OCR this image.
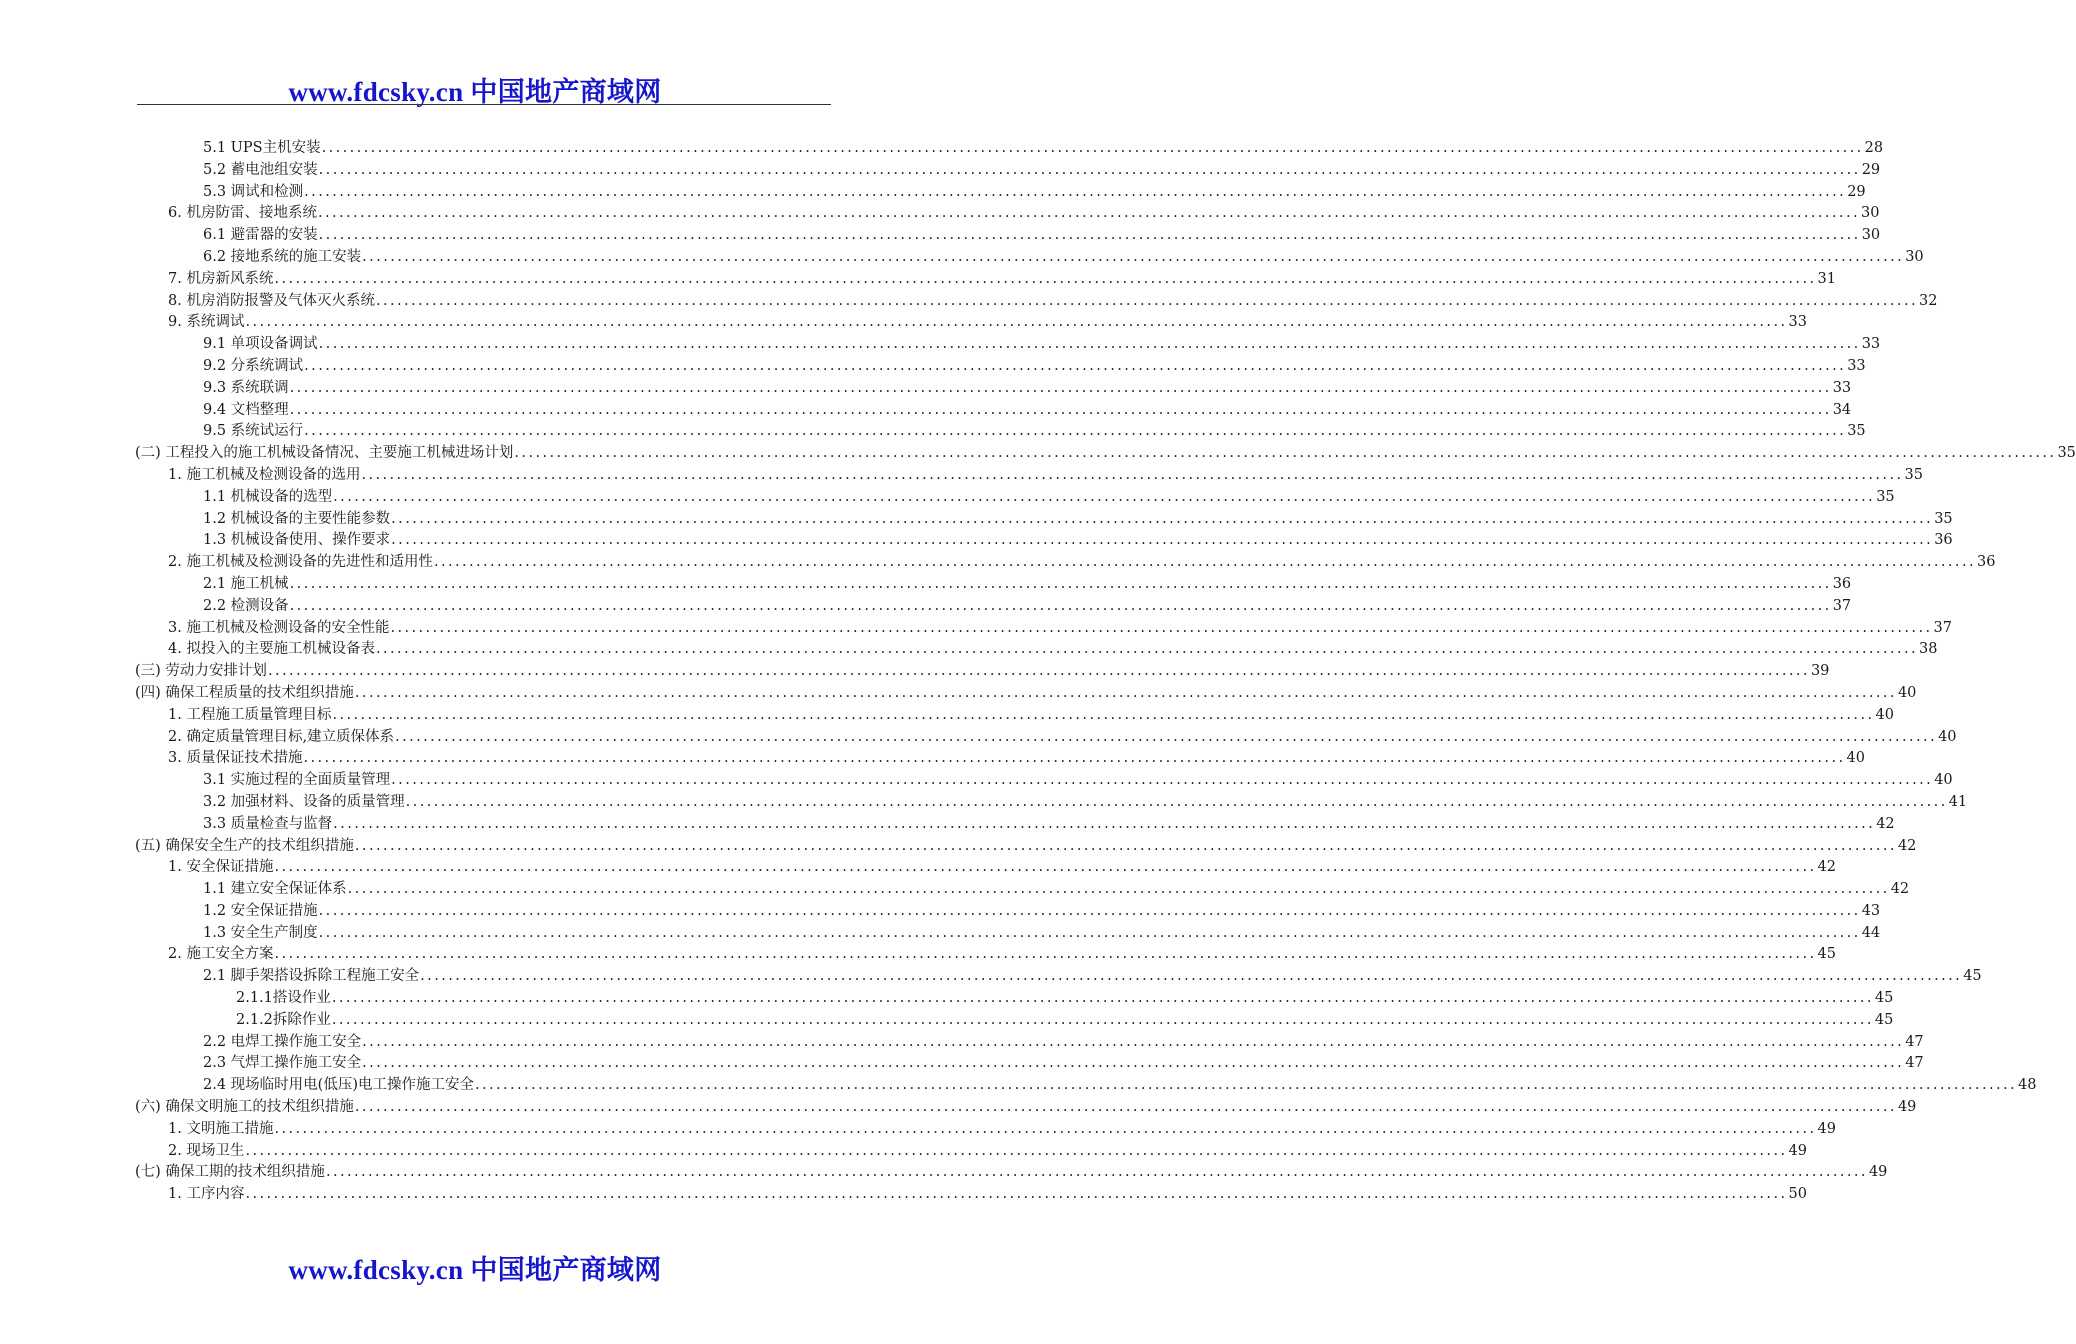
www.fdcsky.cn 中国地产商域网
5.1 UPS主机安装 ............................................................................................................................................................................................................................ 28
5.2 蓄电池组安装 ............................................................................................................................................................................................................................ 29
5.3 调试和检测 ............................................................................................................................................................................................................................ 29
6. 机房防雷、接地系统 ............................................................................................................................................................................................................................ 30
6.1 避雷器的安装 ............................................................................................................................................................................................................................ 30
6.2 接地系统的施工安装 ............................................................................................................................................................................................................................ 30
7. 机房新风系统 ............................................................................................................................................................................................................................ 31
8. 机房消防报警及气体灭火系统 ............................................................................................................................................................................................................................ 32
9. 系统调试 ............................................................................................................................................................................................................................ 33
9.1 单项设备调试 ............................................................................................................................................................................................................................ 33
9.2 分系统调试 ............................................................................................................................................................................................................................ 33
9.3 系统联调 ............................................................................................................................................................................................................................ 33
9.4 文档整理 ............................................................................................................................................................................................................................ 34
9.5 系统试运行 ............................................................................................................................................................................................................................ 35
(二) 工程投入的施工机械设备情况、主要施工机械进场计划 ............................................................................................................................................................................................................................ 35
1. 施工机械及检测设备的选用 ............................................................................................................................................................................................................................ 35
1.1 机械设备的选型 ............................................................................................................................................................................................................................ 35
1.2 机械设备的主要性能参数 ............................................................................................................................................................................................................................ 35
1.3 机械设备使用、操作要求 ............................................................................................................................................................................................................................ 36
2. 施工机械及检测设备的先进性和适用性 ............................................................................................................................................................................................................................ 36
2.1 施工机械 ............................................................................................................................................................................................................................ 36
2.2 检测设备 ............................................................................................................................................................................................................................ 37
3. 施工机械及检测设备的安全性能 ............................................................................................................................................................................................................................ 37
4. 拟投入的主要施工机械设备表 ............................................................................................................................................................................................................................ 38
(三) 劳动力安排计划 ............................................................................................................................................................................................................................ 39
(四) 确保工程质量的技术组织措施 ............................................................................................................................................................................................................................ 40
1. 工程施工质量管理目标 ............................................................................................................................................................................................................................ 40
2. 确定质量管理目标,建立质保体系 ............................................................................................................................................................................................................................ 40
3. 质量保证技术措施 ............................................................................................................................................................................................................................ 40
3.1 实施过程的全面质量管理 ............................................................................................................................................................................................................................ 40
3.2 加强材料、设备的质量管理 ............................................................................................................................................................................................................................ 41
3.3 质量检查与监督 ............................................................................................................................................................................................................................ 42
(五) 确保安全生产的技术组织措施 ............................................................................................................................................................................................................................ 42
1. 安全保证措施 ............................................................................................................................................................................................................................ 42
1.1 建立安全保证体系 ............................................................................................................................................................................................................................ 42
1.2 安全保证措施 ............................................................................................................................................................................................................................ 43
1.3 安全生产制度 ............................................................................................................................................................................................................................ 44
2. 施工安全方案 ............................................................................................................................................................................................................................ 45
2.1 脚手架搭设拆除工程施工安全 ............................................................................................................................................................................................................................ 45
2.1.1搭设作业 ............................................................................................................................................................................................................................ 45
2.1.2拆除作业 ............................................................................................................................................................................................................................ 45
2.2 电焊工操作施工安全 ............................................................................................................................................................................................................................ 47
2.3 气焊工操作施工安全 ............................................................................................................................................................................................................................ 47
2.4 现场临时用电(低压)电工操作施工安全 ............................................................................................................................................................................................................................ 48
(六) 确保文明施工的技术组织措施 ............................................................................................................................................................................................................................ 49
1. 文明施工措施 ............................................................................................................................................................................................................................ 49
2. 现场卫生 ............................................................................................................................................................................................................................ 49
(七) 确保工期的技术组织措施 ............................................................................................................................................................................................................................ 49
1. 工序内容 ............................................................................................................................................................................................................................ 50
www.fdcsky.cn 中国地产商域网
